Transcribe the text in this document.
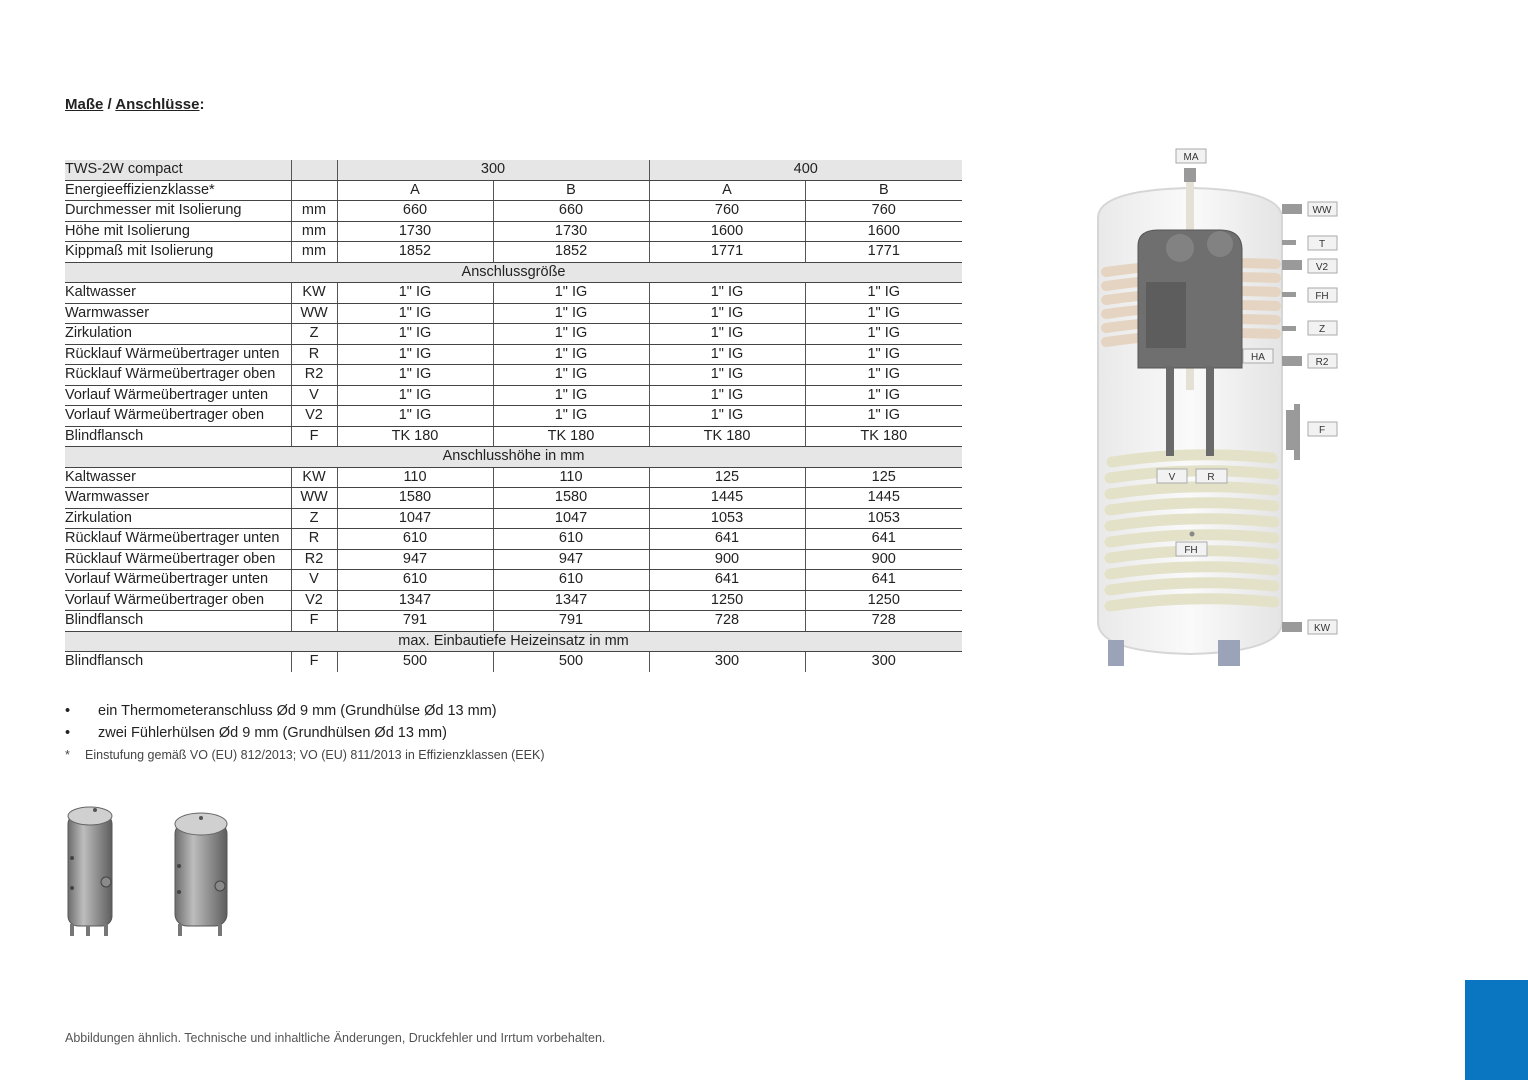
Maße / Anschlüsse:
TWS-2W compact		300		400	
Energieeffizienzklasse*		A	B	A	B
Durchmesser mit Isolierung	mm	660	660	760	760
Höhe mit Isolierung	mm	1730	1730	1600	1600
Kippmaß mit Isolierung	mm	1852	1852	1771	1771
Anschlussgröße					
Kaltwasser	KW	1" IG	1" IG	1" IG	1" IG
Warmwasser	WW	1" IG	1" IG	1" IG	1" IG
Zirkulation	Z	1" IG	1" IG	1" IG	1" IG
Rücklauf Wärmeübertrager unten	R	1" IG	1" IG	1" IG	1" IG
Rücklauf Wärmeübertrager oben	R2	1" IG	1" IG	1" IG	1" IG
Vorlauf Wärmeübertrager unten	V	1" IG	1" IG	1" IG	1" IG
Vorlauf Wärmeübertrager oben	V2	1" IG	1" IG	1" IG	1" IG
Blindflansch	F	TK 180	TK 180	TK 180	TK 180
Anschlusshöhe in mm					
Kaltwasser	KW	110	110	125	125
Warmwasser	WW	1580	1580	1445	1445
Zirkulation	Z	1047	1047	1053	1053
Rücklauf Wärmeübertrager unten	R	610	610	641	641
Rücklauf Wärmeübertrager oben	R2	947	947	900	900
Vorlauf Wärmeübertrager unten	V	610	610	641	641
Vorlauf Wärmeübertrager oben	V2	1347	1347	1250	1250
Blindflansch	F	791	791	728	728
max. Einbautiefe Heizeinsatz in mm					
Blindflansch	F	500	500	300	300
• ein Thermometeranschluss Ød 9 mm (Grundhülse Ød 13 mm)
• zwei Fühlerhülsen Ød 9 mm (Grundhülsen Ød 13 mm)
* Einstufung gemäß VO (EU) 812/2013; VO (EU) 811/2013 in Effizienzklassen (EEK)
MA
WW
T
V2
FH
Z
HA	R2
F
V	R
FH
KW
Abbildungen ähnlich. Technische und inhaltliche Änderungen, Druckfehler und Irrtum vorbehalten.
